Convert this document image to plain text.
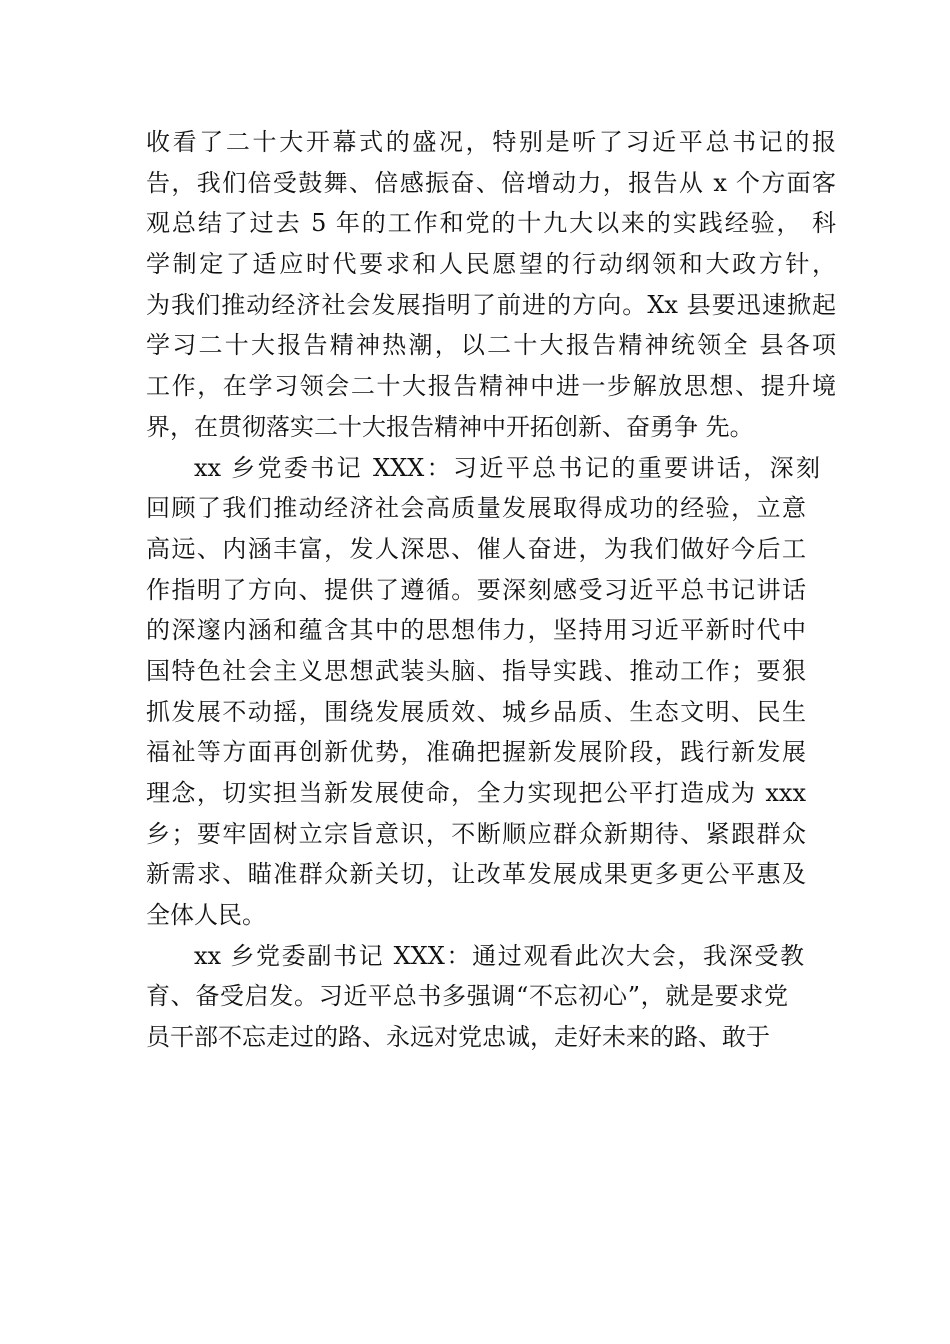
收看了二十大开幕式的盛况，特别是听了习近平总书记的报
告，我们倍受鼓舞、倍感振奋、倍增动力，报告从 x 个方面客
观总结了过去 5 年的工作和党的十九大以来的实践经验， 科
学制定了适应时代要求和人民愿望的行动纲领和大政方针，
为我们推动经济社会发展指明了前进的方向。Xx 县要迅速掀起
学习二十大报告精神热潮，以二十大报告精神统领全 县各项
工作，在学习领会二十大报告精神中进一步解放思想、提升境
界，在贯彻落实二十大报告精神中开拓创新、奋勇争 先。
xx 乡党委书记 XXX：习近平总书记的重要讲话，深刻
回顾了我们推动经济社会高质量发展取得成功的经验，立意
高远、内涵丰富，发人深思、催人奋进，为我们做好今后工
作指明了方向、提供了遵循。要深刻感受习近平总书记讲话
的深邃内涵和蕴含其中的思想伟力，坚持用习近平新时代中
国特色社会主义思想武装头脑、指导实践、推动工作；要狠
抓发展不动摇，围绕发展质效、城乡品质、生态文明、民生
福祉等方面再创新优势，准确把握新发展阶段，践行新发展
理念，切实担当新发展使命，全力实现把公平打造成为 xxx
乡；要牢固树立宗旨意识，不断顺应群众新期待、紧跟群众
新需求、瞄准群众新关切，让改革发展成果更多更公平惠及
全体人民。
xx 乡党委副书记 XXX：通过观看此次大会，我深受教
育、备受启发。习近平总书多强调“不忘初心”，就是要求党
员干部不忘走过的路、永远对党忠诚，走好未来的路、敢于
